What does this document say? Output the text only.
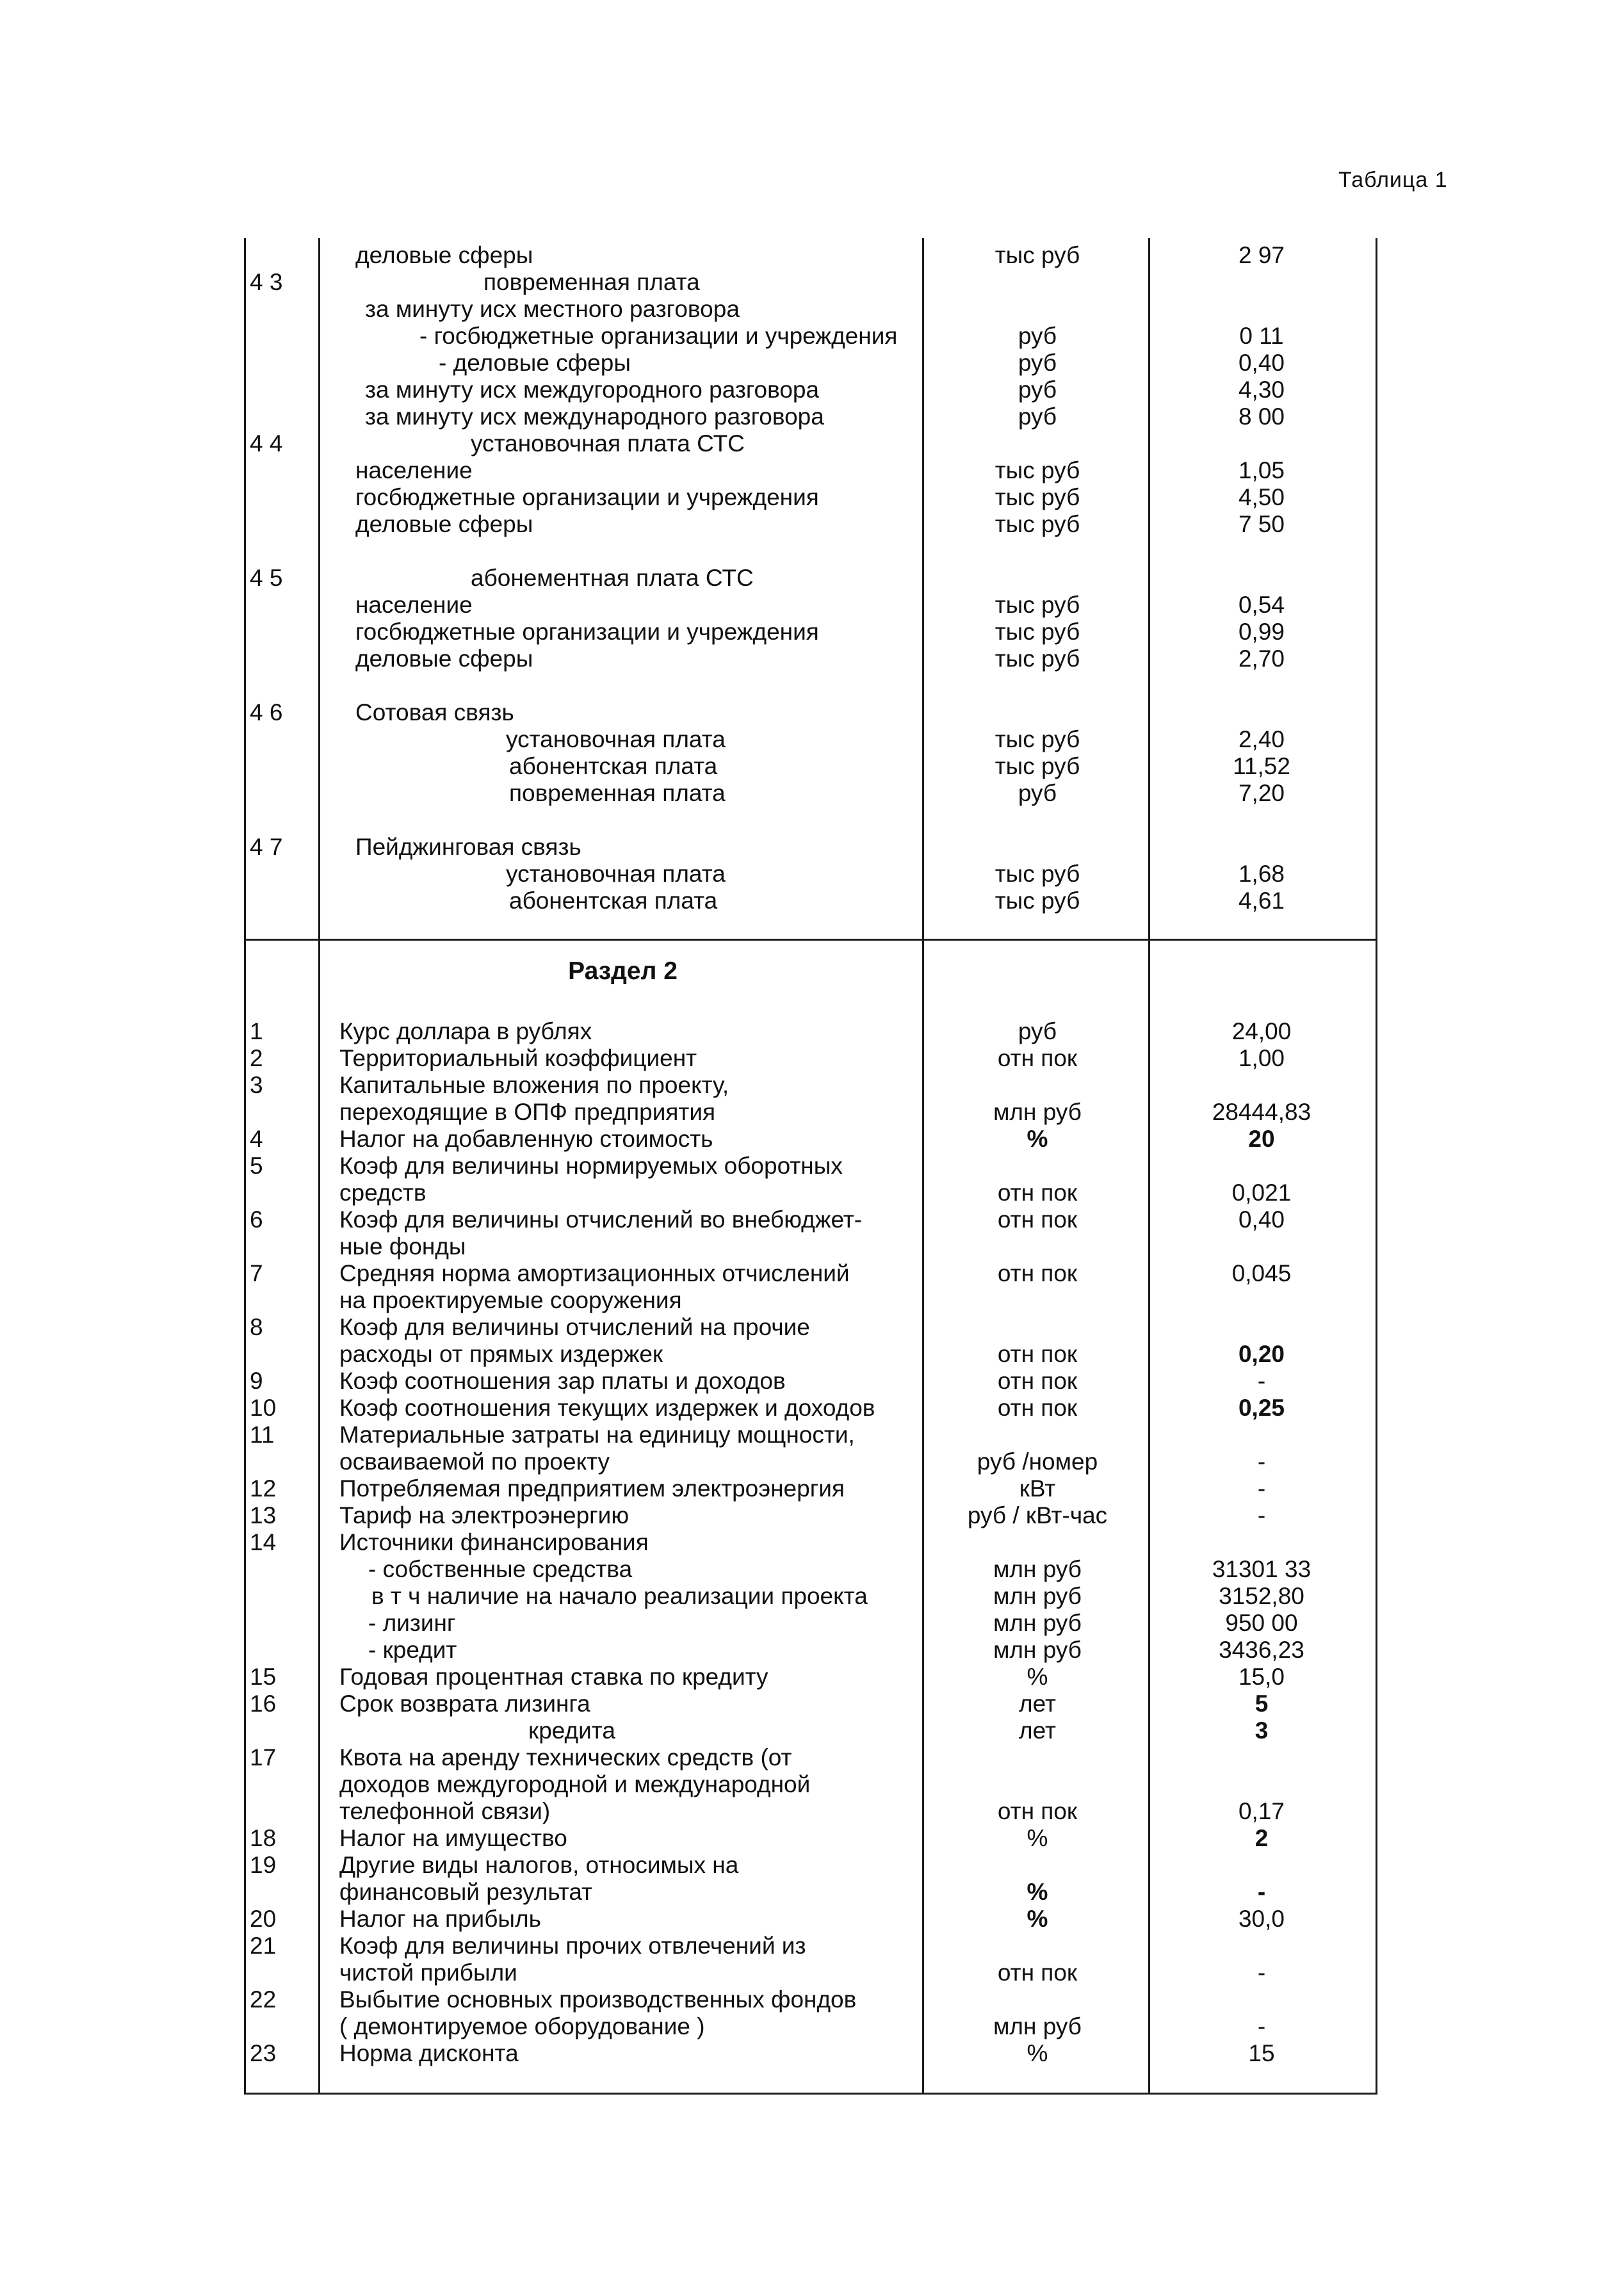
Таблица 1
Раздел 2
деловые сферы	тыс руб	2 97
4 3	повременная плата
за минуту исх местного разговора
- госбюджетные организации и учреждения	руб	0 11
- деловые сферы	руб	0,40
за минуту исх междугородного разговора	руб	4,30
за минуту исх международного разговора	руб	8 00
4 4	установочная плата СТС
население	тыс руб	1,05
госбюджетные организации и учреждения	тыс руб	4,50
деловые сферы	тыс руб	7 50
4 5	абонементная плата СТС
население	тыс руб	0,54
госбюджетные организации и учреждения	тыс руб	0,99
деловые сферы	тыс руб	2,70
4 6	Сотовая связь
установочная плата	тыс руб	2,40
абонентская плата	тыс руб	11,52
повременная плата	руб	7,20
4 7	Пейджинговая связь
установочная плата	тыс руб	1,68
абонентская плата	тыс руб	4,61
1	Курс доллара в рублях	руб	24,00
2	Территориальный коэффициент	отн пок	1,00
3	Капитальные вложения по проекту,
переходящие в ОПФ предприятия	млн руб	28444,83
4	Налог на добавленную стоимость	%	20
5	Коэф для величины нормируемых оборотных
средств	отн пок	0,021
6	Коэф для величины отчислений во внебюджет-	отн пок	0,40
ные фонды
7	Средняя норма амортизационных отчислений	отн пок	0,045
на проектируемые сооружения
8	Коэф для величины отчислений на прочие
расходы от прямых издержек	отн пок	0,20
9	Коэф соотношения зар платы и доходов	отн пок	-
10	Коэф соотношения текущих издержек и доходов	отн пок	0,25
11	Материальные затраты на единицу мощности,
осваиваемой по проекту	руб /номер	-
12	Потребляемая предприятием электроэнергия	кВт	-
13	Тариф на электроэнергию	руб / кВт-час	-
14	Источники финансирования
- собственные средства	млн руб	31301 33
в т ч наличие на начало реализации проекта	млн руб	3152,80
- лизинг	млн руб	950 00
- кредит	млн руб	3436,23
15	Годовая процентная ставка по кредиту	%	15,0
16	Срок возврата лизинга	лет	5
кредита	лет	3
17	Квота на аренду технических средств (от
доходов междугородной и международной
телефонной связи)	отн пок	0,17
18	Налог на имущество	%	2
19	Другие виды налогов, относимых на
финансовый результат	%	-
20	Налог на прибыль	%	30,0
21	Коэф для величины прочих отвлечений из
чистой прибыли	отн пок	-
22	Выбытие основных производственных фондов
( демонтируемое оборудование )	млн руб	-
23	Норма дисконта	%	15
